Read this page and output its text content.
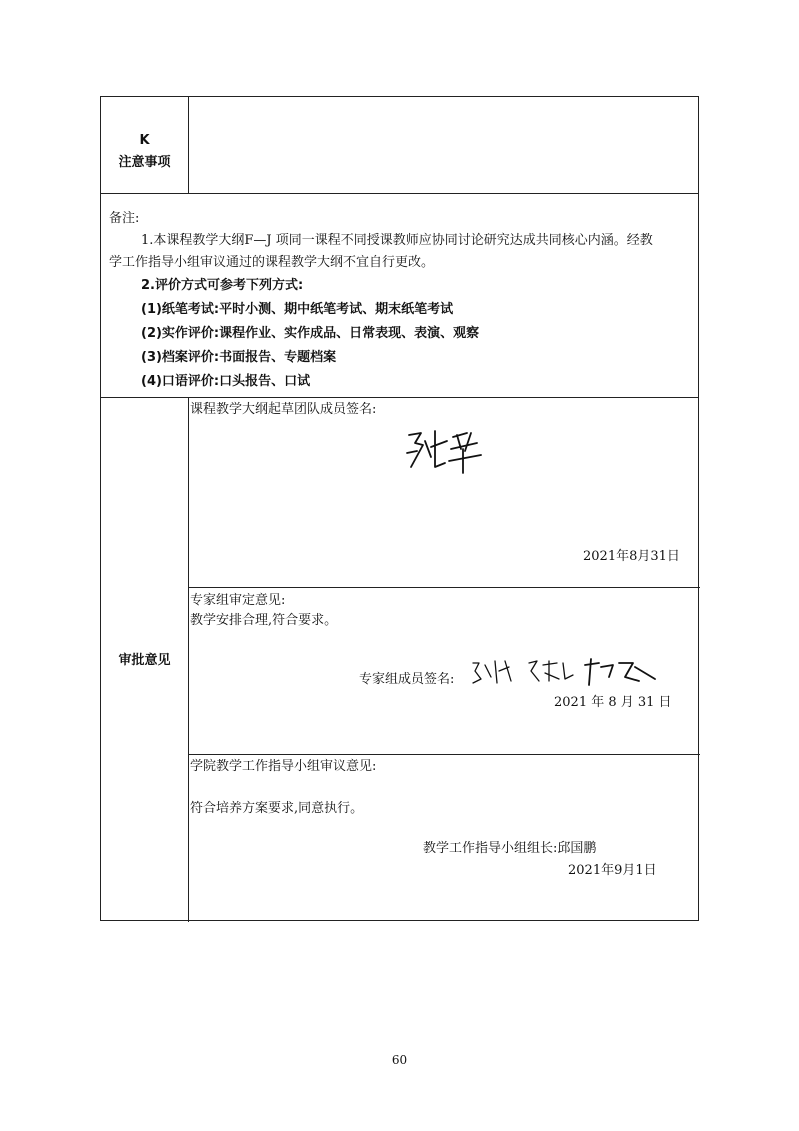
K
注意事项
备注:
1.本课程教学大纲F—J 项同一课程不同授课教师应协同讨论研究达成共同核心内涵。经教
学工作指导小组审议通过的课程教学大纲不宜自行更改。
2.评价方式可参考下列方式:
(1)纸笔考试:平时小测、期中纸笔考试、期末纸笔考试
(2)实作评价:课程作业、实作成品、日常表现、表演、观察
(3)档案评价:书面报告、专题档案
(4)口语评价:口头报告、口试
审批意见
课程教学大纲起草团队成员签名:
2021年8月31日
专家组审定意见:
教学安排合理,符合要求。
专家组成员签名:
2021 年 8 月 31 日
学院教学工作指导小组审议意见:
符合培养方案要求,同意执行。
教学工作指导小组组长:邱国鹏
2021年9月1日
60
